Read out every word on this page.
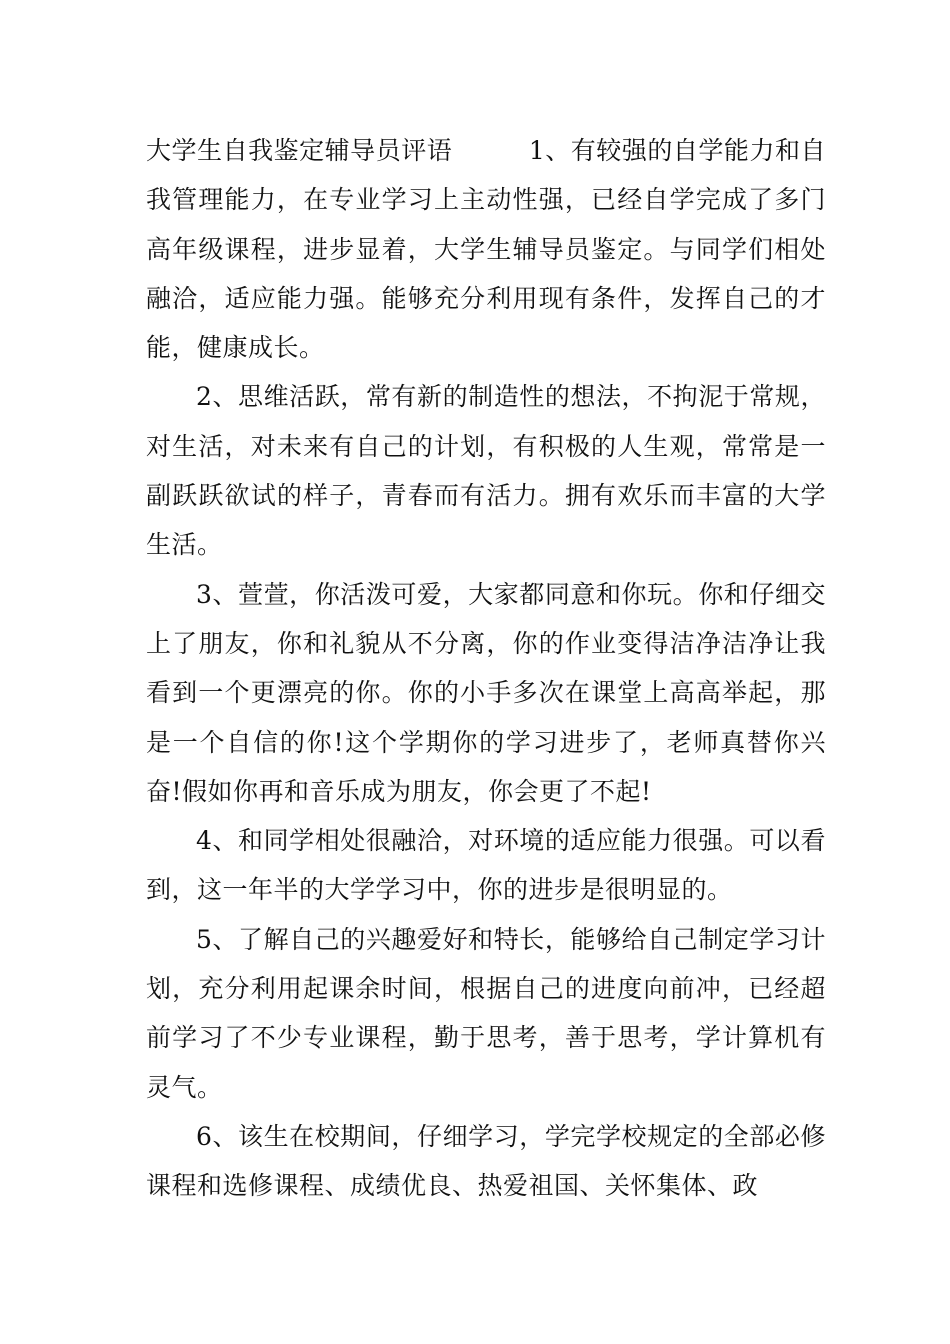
大学生自我鉴定辅导员评语　　　1、有较强的自学能力和自我管理能力，在专业学习上主动性强，已经自学完成了多门高年级课程，进步显着，大学生辅导员鉴定。与同学们相处融洽，适应能力强。能够充分利用现有条件，发挥自己的才能，健康成长。

2、思维活跃，常有新的制造性的想法，不拘泥于常规，对生活，对未来有自己的计划，有积极的人生观，常常是一副跃跃欲试的样子，青春而有活力。拥有欢乐而丰富的大学生活。

3、萱萱，你活泼可爱，大家都同意和你玩。你和仔细交上了朋友，你和礼貌从不分离，你的作业变得洁净洁净让我看到一个更漂亮的你。你的小手多次在课堂上高高举起，那是一个自信的你!这个学期你的学习进步了，老师真替你兴奋!假如你再和音乐成为朋友，你会更了不起!

4、和同学相处很融洽，对环境的适应能力很强。可以看到，这一年半的大学学习中，你的进步是很明显的。

5、了解自己的兴趣爱好和特长，能够给自己制定学习计划，充分利用起课余时间，根据自己的进度向前冲，已经超前学习了不少专业课程，勤于思考，善于思考，学计算机有灵气。

6、该生在校期间，仔细学习，学完学校规定的全部必修课程和选修课程、成绩优良、热爱祖国、关怀集体、政
